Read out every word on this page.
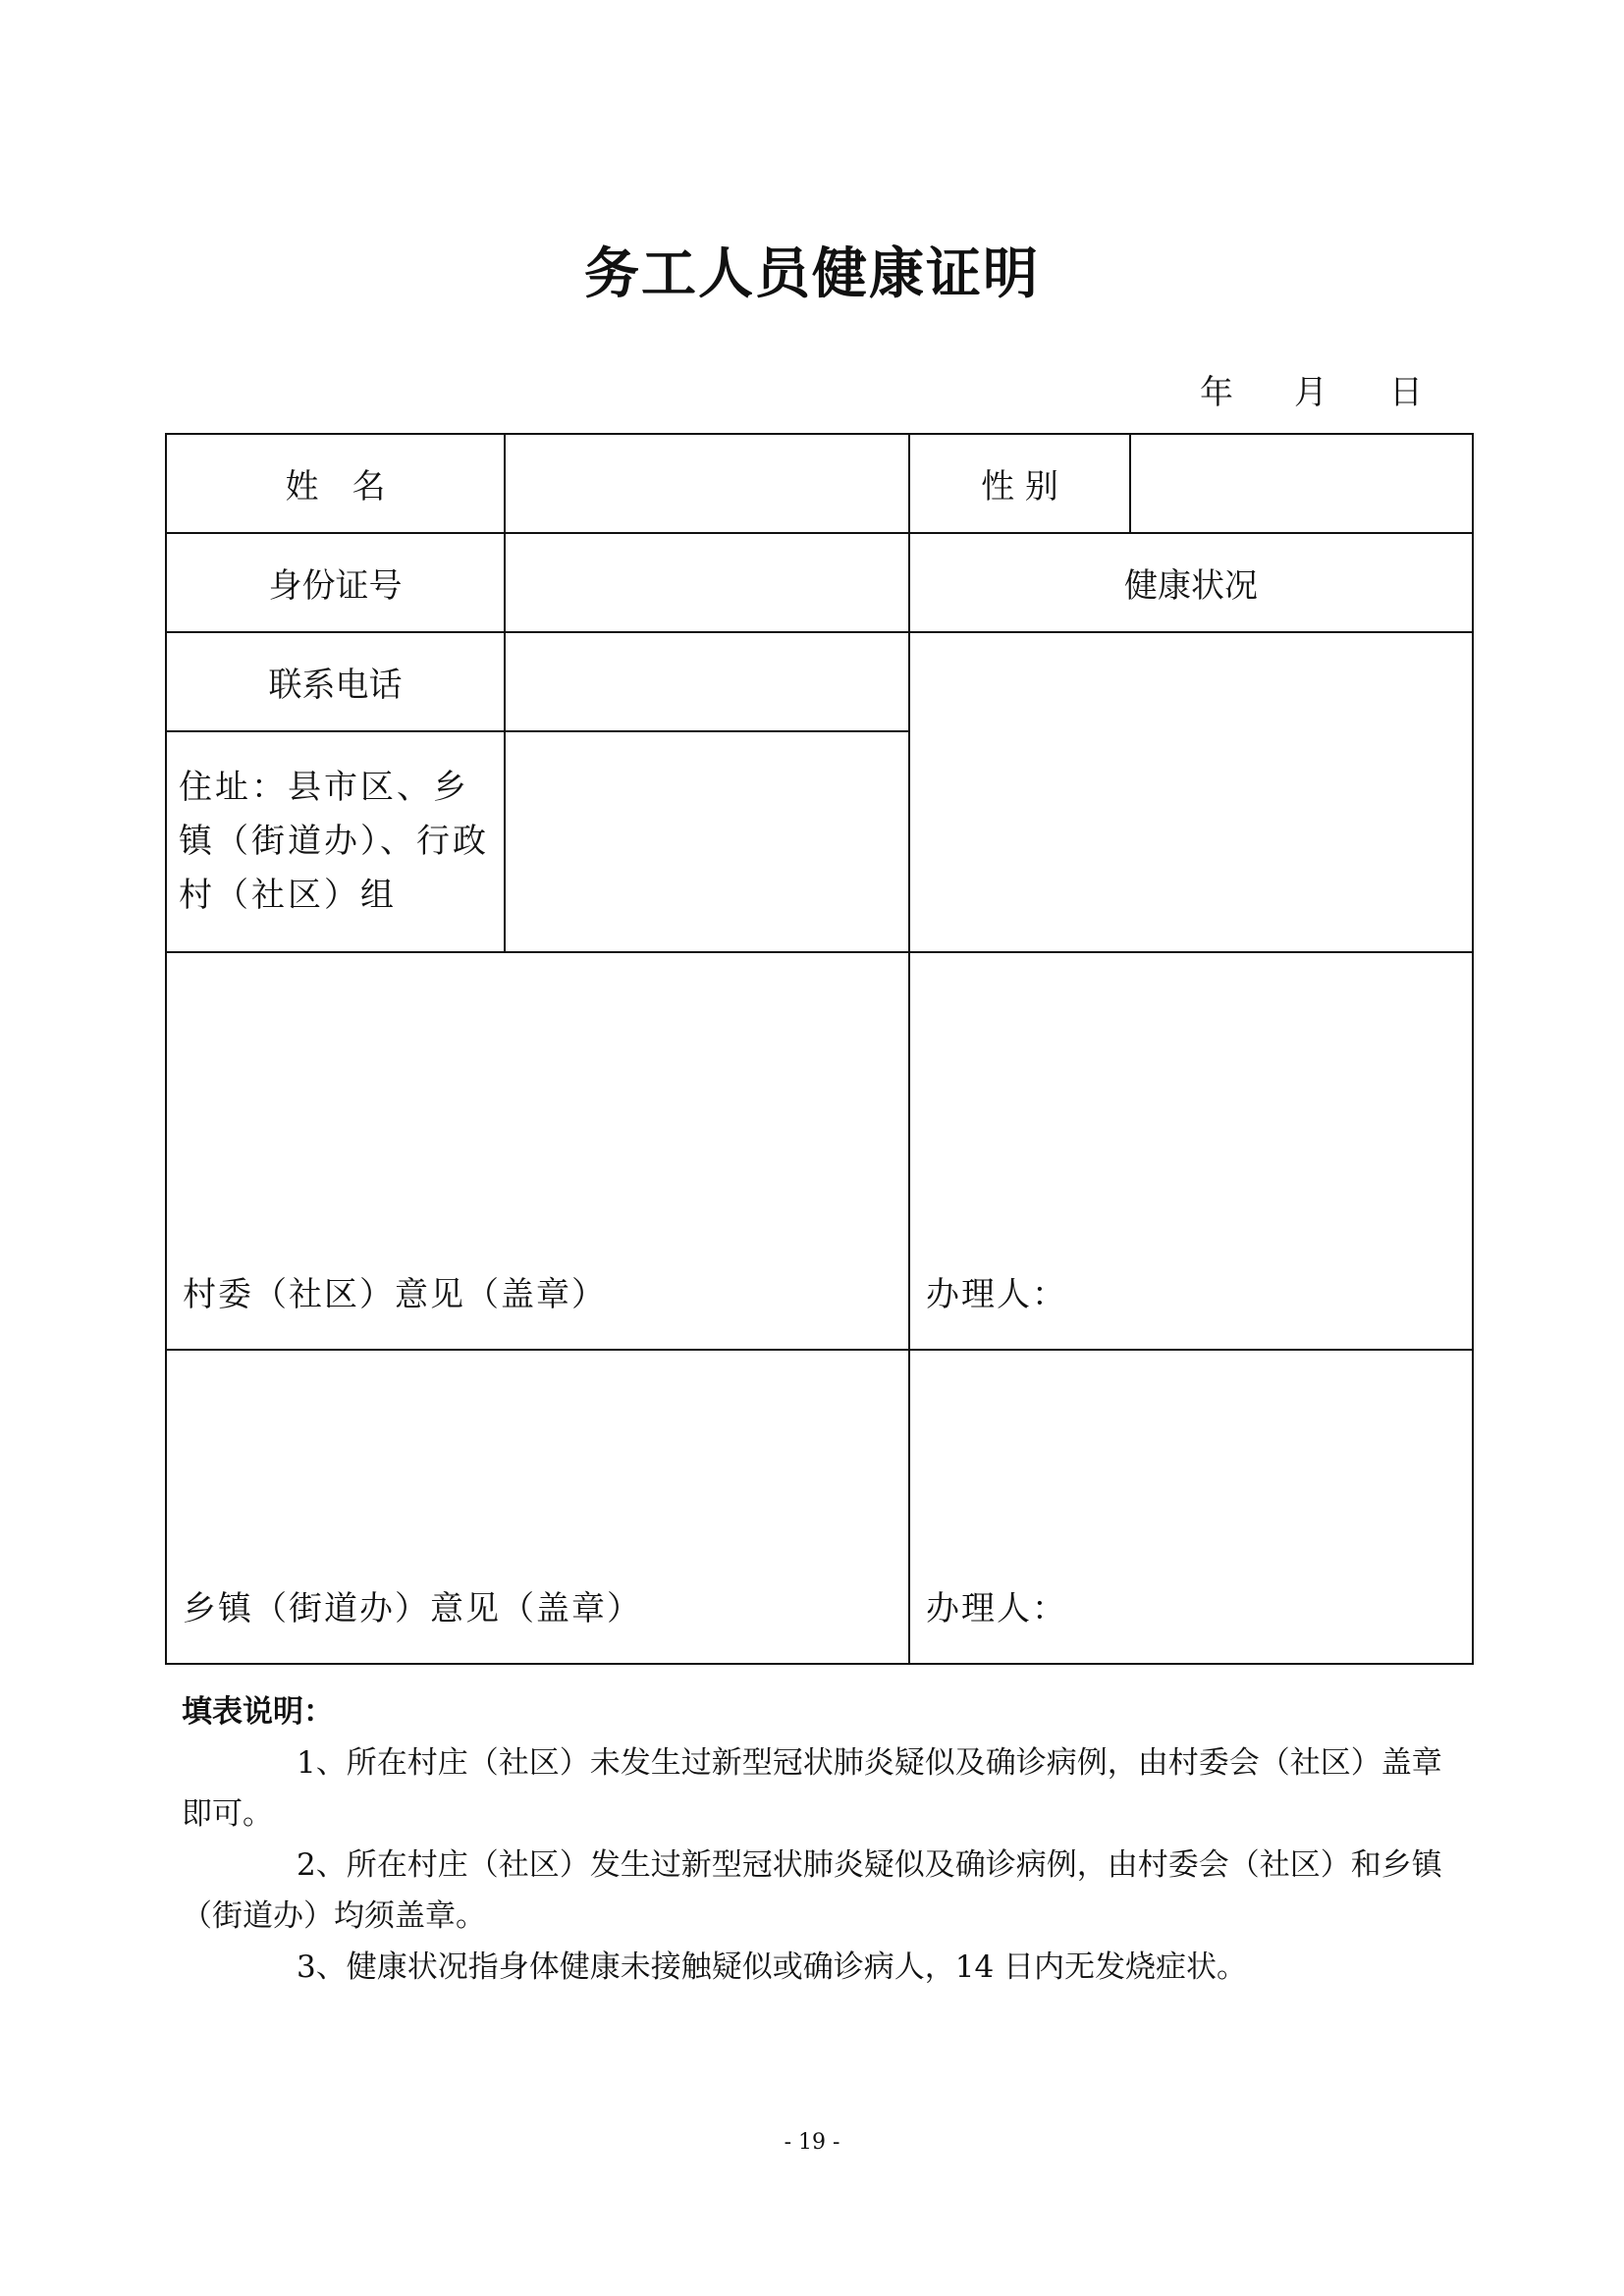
务工人员健康证明
年 月 日
姓　名		性 别	
身份证号		健康状况	
联系电话			
住址：县市区、乡镇（街道办）、行政村（社区）组			
村委（社区）意见（盖章）		办理人：	
乡镇（街道办）意见（盖章）		办理人：	

填表说明：

1、所在村庄（社区）未发生过新型冠状肺炎疑似及确诊病例，由村委会（社区）盖章即可。

2、所在村庄（社区）发生过新型冠状肺炎疑似及确诊病例，由村委会（社区）和乡镇（街道办）均须盖章。

3、健康状况指身体健康未接触疑似或确诊病人，14 日内无发烧症状。

- 19 -
